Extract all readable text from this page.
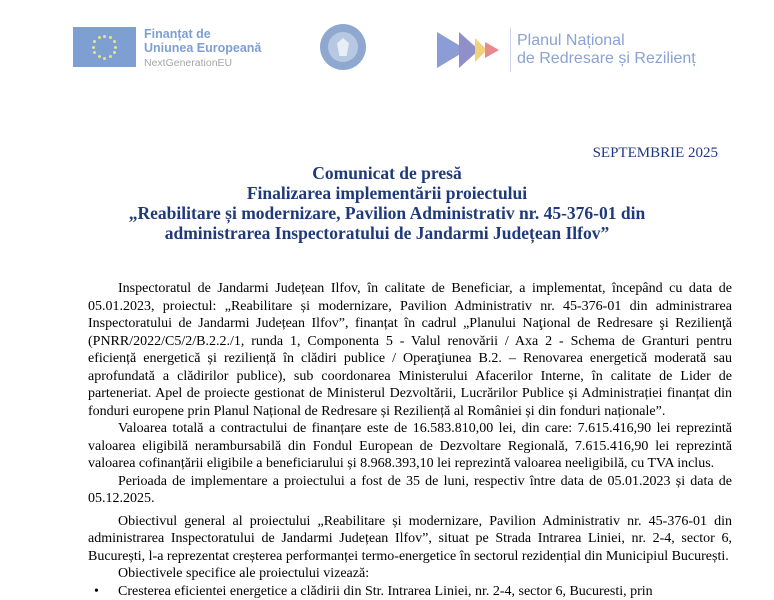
Finanțat de
Uniunea Europeană
NextGenerationEU
Planul Național
de Redresare și Rezilienț
SEPTEMBRIE 2025
Comunicat de presă
Finalizarea implementării proiectului
„Reabilitare și modernizare, Pavilion Administrativ nr. 45-376-01 din
administrarea Inspectoratului de Jandarmi Județean Ilfov”

Inspectoratul de Jandarmi Județean Ilfov, în calitate de Beneficiar, a implementat, începând cu data de 05.01.2023, proiectul: „Reabilitare și modernizare, Pavilion Administrativ nr. 45-376-01 din administrarea Inspectoratului de Jandarmi Județean Ilfov”, finanțat în cadrul „Planului Naţional de Redresare şi Rezilienţă (PNRR/2022/C5/2/B.2.2./1, runda 1, Componenta 5 - Valul renovării / Axa 2 - Schema de Granturi pentru eficiență energetică și reziliență în clădiri publice / Operaţiunea B.2. – Renovarea energetică moderată sau aprofundată a clădirilor publice), sub coordonarea Ministerului Afacerilor Interne, în calitate de Lider de parteneriat. Apel de proiecte gestionat de Ministerul Dezvoltării, Lucrărilor Publice și Administrației finanțat din fonduri europene prin Planul Național de Redresare și Reziliență al României și din fonduri naționale”.

Valoarea totală a contractului de finanțare este de 16.583.810,00 lei, din care: 7.615.416,90 lei reprezintă valoarea eligibilă nerambursabilă din Fondul European de Dezvoltare Regională, 7.615.416,90 lei reprezintă valoarea cofinanțării eligibile a beneficiarului și 8.968.393,10 lei reprezintă valoarea neeligibilă, cu TVA inclus.

Perioada de implementare a proiectului a fost de 35 de luni, respectiv între data de 05.01.2023 și data de 05.12.2025.

Obiectivul general al proiectului „Reabilitare și modernizare, Pavilion Administrativ nr. 45-376-01 din administrarea Inspectoratului de Jandarmi Județean Ilfov”, situat pe Strada Intrarea Liniei, nr. 2-4, sector 6, București, l-a reprezentat creșterea performanței termo-energetice în sectorul rezidențial din Municipiul București.

Obiectivele specifice ale proiectului vizează:

• Cresterea eficientei energetice a clădirii din Str. Intrarea Liniei, nr. 2-4, sector 6, Bucuresti, prin
